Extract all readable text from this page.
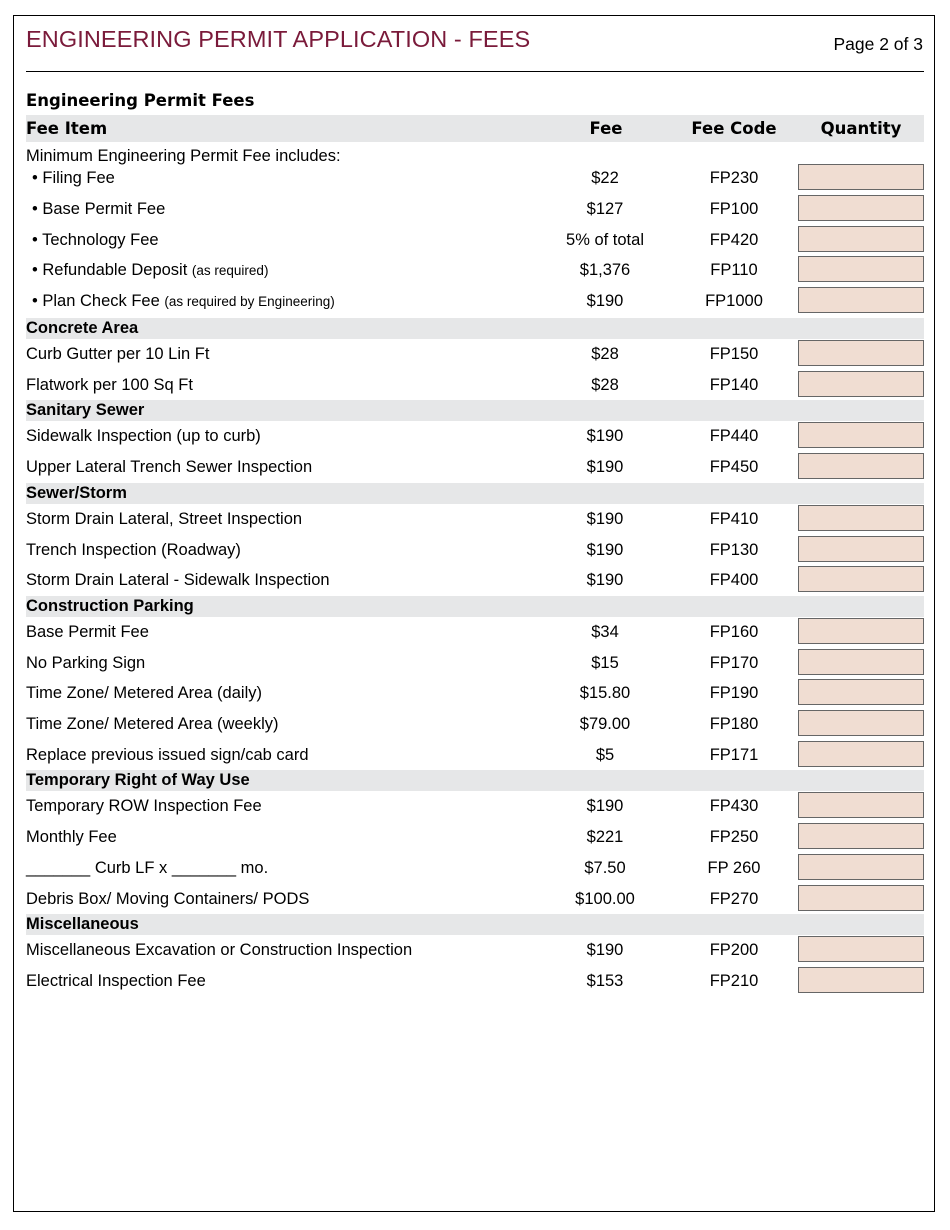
ENGINEERING PERMIT APPLICATION - FEES	Page 2 of 3
Engineering Permit Fees
Fee Item	Fee	Fee Code	Quantity
Minimum Engineering Permit Fee includes:
• Filing Fee	$22	FP230
• Base Permit Fee	$127	FP100
• Technology Fee	5% of total	FP420
• Refundable Deposit (as required)	$1,376	FP110
• Plan Check Fee (as required by Engineering)	$190	FP1000
Concrete Area
Curb Gutter per 10 Lin Ft	$28	FP150
Flatwork per 100 Sq Ft	$28	FP140
Sanitary Sewer
Sidewalk Inspection (up to curb)	$190	FP440
Upper Lateral Trench Sewer Inspection	$190	FP450
Sewer/Storm
Storm Drain Lateral, Street Inspection	$190	FP410
Trench Inspection (Roadway)	$190	FP130
Storm Drain Lateral - Sidewalk Inspection	$190	FP400
Construction Parking
Base Permit Fee	$34	FP160
No Parking Sign	$15	FP170
Time Zone/ Metered Area (daily)	$15.80	FP190
Time Zone/ Metered Area (weekly)	$79.00	FP180
Replace previous issued sign/cab card	$5	FP171
Temporary Right of Way Use
Temporary ROW Inspection Fee	$190	FP430
Monthly Fee	$221	FP250
_______ Curb LF x _______ mo.	$7.50	FP 260
Debris Box/ Moving Containers/ PODS	$100.00	FP270
Miscellaneous
Miscellaneous Excavation or Construction Inspection	$190	FP200
Electrical Inspection Fee	$153	FP210
